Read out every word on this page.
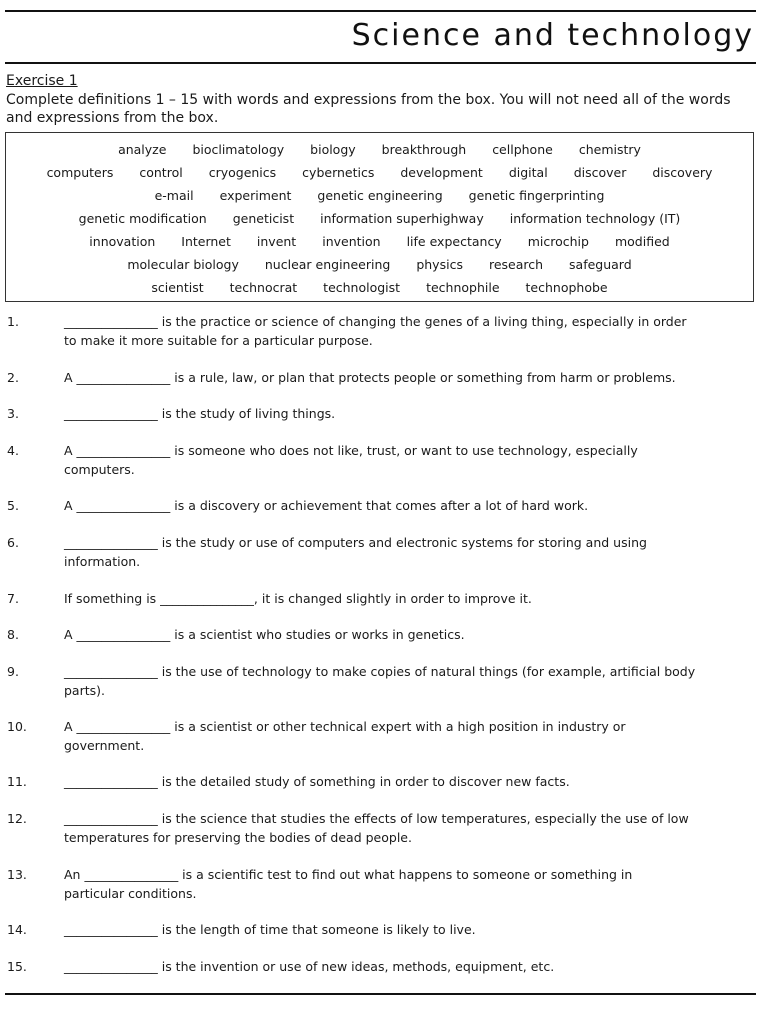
Science and technology

Exercise 1

Complete definitions 1 – 15 with words and expressions from the box. You will not need all of the words and expressions from the box.

analyze bioclimatology biology breakthrough cellphone chemistry
computers control cryogenics cybernetics development digital discover discovery
e-mail experiment genetic engineering genetic fingerprinting
genetic modification geneticist information superhighway information technology (IT)
innovation Internet invent invention life expectancy microchip modified
molecular biology nuclear engineering physics research safeguard
scientist technocrat technologist technophile technophobe
1.	_______________ is the practice or science of changing the genes of a living thing, especially in order
to make it more suitable for a particular purpose.
2.	A _______________ is a rule, law, or plan that protects people or something from harm or problems.
3.	_______________ is the study of living things.
4.	A _______________ is someone who does not like, trust, or want to use technology, especially
computers.
5.	A _______________ is a discovery or achievement that comes after a lot of hard work.
6.	_______________ is the study or use of computers and electronic systems for storing and using
information.
7.	If something is _______________, it is changed slightly in order to improve it.
8.	A _______________ is a scientist who studies or works in genetics.
9.	_______________ is the use of technology to make copies of natural things (for example, artificial body
parts).
10.	A _______________ is a scientist or other technical expert with a high position in industry or
government.
11.	_______________ is the detailed study of something in order to discover new facts.
12.	_______________ is the science that studies the effects of low temperatures, especially the use of low
temperatures for preserving the bodies of dead people.
13.	An _______________ is a scientific test to find out what happens to someone or something in
particular conditions.
14.	_______________ is the length of time that someone is likely to live.
15.	_______________ is the invention or use of new ideas, methods, equipment, etc.
